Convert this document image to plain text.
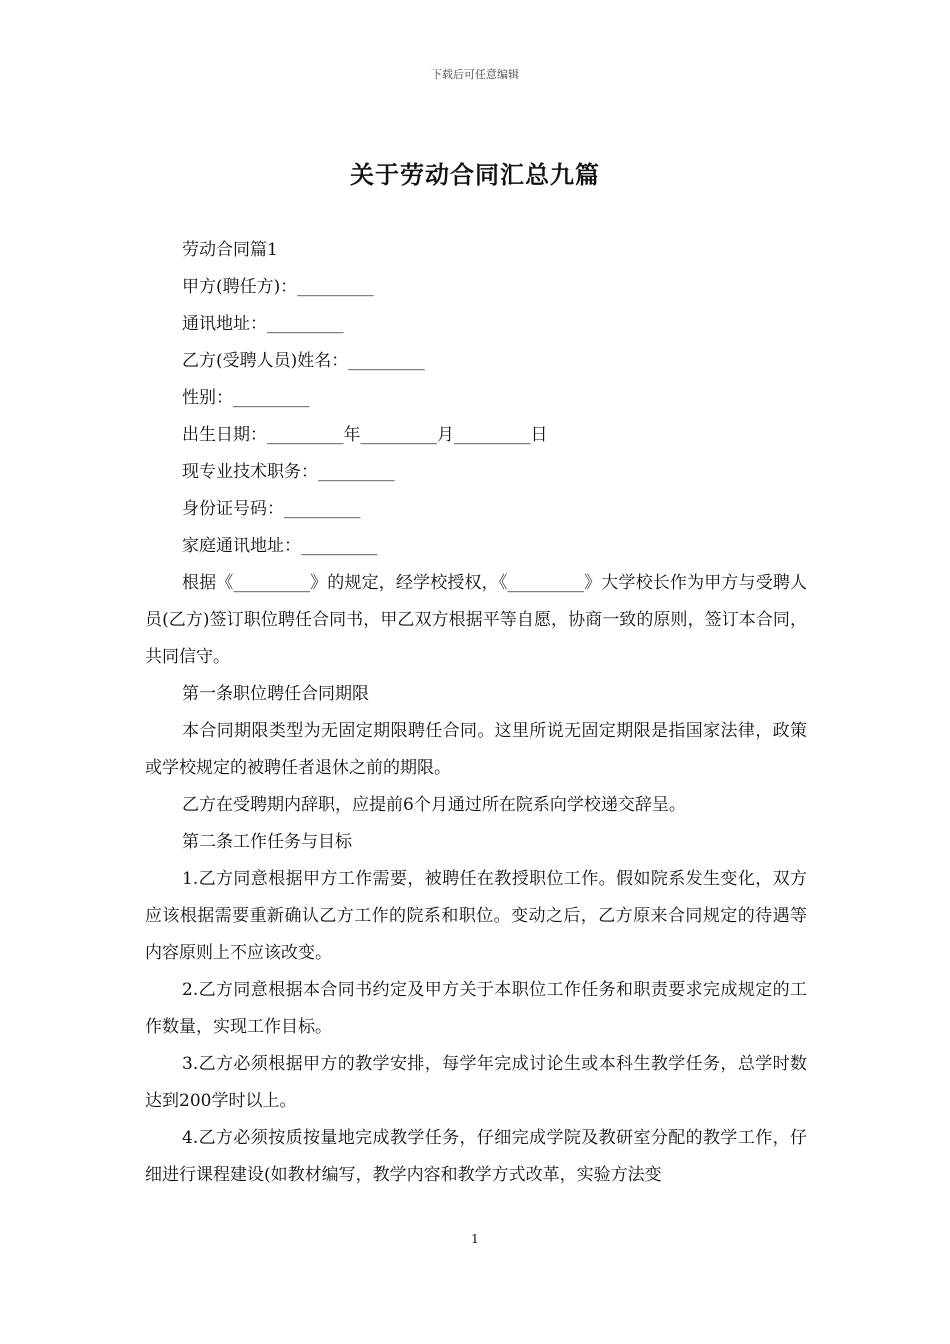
下载后可任意编辑
关于劳动合同汇总九篇

劳动合同篇1

甲方(聘任方)：_________

通讯地址：_________

乙方(受聘人员)姓名：_________

性别：_________

出生日期：_________年_________月_________日

现专业技术职务：_________

身份证号码：_________

家庭通讯地址：_________

根据《_________》的规定，经学校授权，《_________》大学校长作为甲方与受聘人员(乙方)签订职位聘任合同书，甲乙双方根据平等自愿，协商一致的原则，签订本合同，共同信守。

第一条职位聘任合同期限

本合同期限类型为无固定期限聘任合同。这里所说无固定期限是指国家法律，政策或学校规定的被聘任者退休之前的期限。

乙方在受聘期内辞职，应提前6个月通过所在院系向学校递交辞呈。

第二条工作任务与目标

1.乙方同意根据甲方工作需要，被聘任在教授职位工作。假如院系发生变化，双方应该根据需要重新确认乙方工作的院系和职位。变动之后，乙方原来合同规定的待遇等内容原则上不应该改变。

2.乙方同意根据本合同书约定及甲方关于本职位工作任务和职责要求完成规定的工作数量，实现工作目标。

3.乙方必须根据甲方的教学安排，每学年完成讨论生或本科生教学任务，总学时数达到200学时以上。

4.乙方必须按质按量地完成教学任务，仔细完成学院及教研室分配的教学工作，仔细进行课程建设(如教材编写，教学内容和教学方式改革，实验方法变

1
